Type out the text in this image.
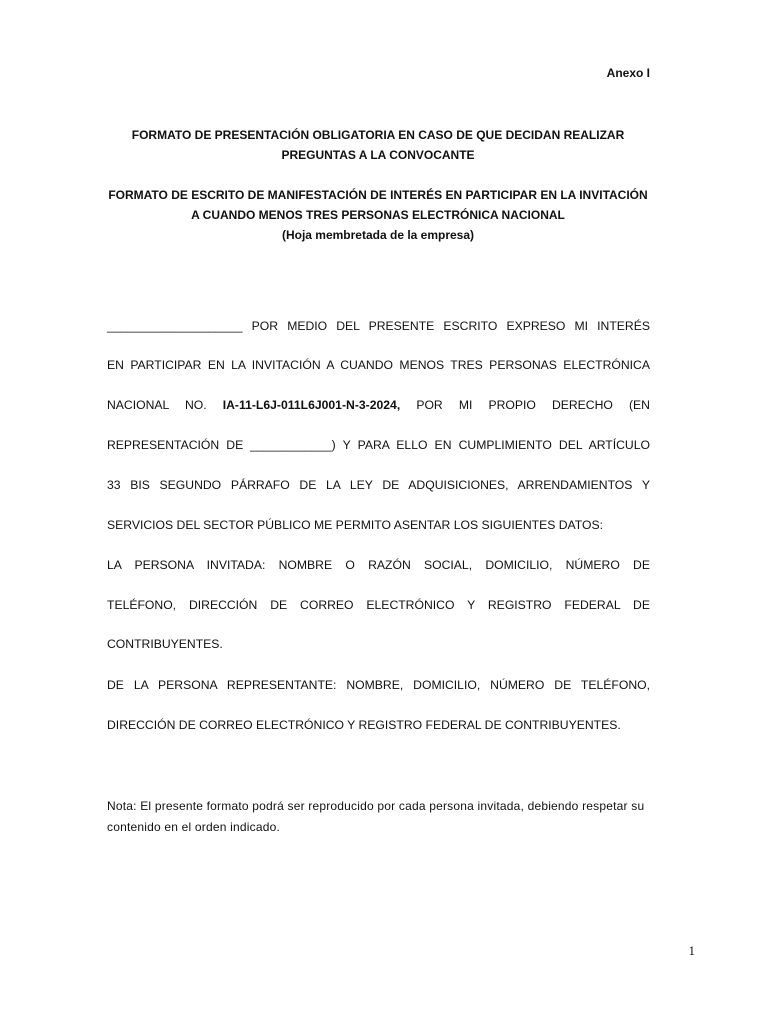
Anexo I
FORMATO DE PRESENTACIÓN OBLIGATORIA EN CASO DE QUE DECIDAN REALIZAR PREGUNTAS A LA CONVOCANTE
FORMATO DE ESCRITO DE MANIFESTACIÓN DE INTERÉS EN PARTICIPAR EN LA INVITACIÓN A CUANDO MENOS TRES PERSONAS ELECTRÓNICA NACIONAL
(Hoja membretada de la empresa)
____________________ POR MEDIO DEL PRESENTE ESCRITO EXPRESO MI INTERÉS
EN PARTICIPAR EN LA INVITACIÓN A CUANDO MENOS TRES PERSONAS ELECTRÓNICA
NACIONAL NO. IA-11-L6J-011L6J001-N-3-2024, POR MI PROPIO DERECHO (EN
REPRESENTACIÓN DE ____________) Y PARA ELLO EN CUMPLIMIENTO DEL ARTÍCULO
33 BIS SEGUNDO PÁRRAFO DE LA LEY DE ADQUISICIONES, ARRENDAMIENTOS Y
SERVICIOS DEL SECTOR PÚBLICO ME PERMITO ASENTAR LOS SIGUIENTES DATOS:
LA PERSONA INVITADA: NOMBRE O RAZÓN SOCIAL, DOMICILIO, NÚMERO DE
TELÉFONO, DIRECCIÓN DE CORREO ELECTRÓNICO Y REGISTRO FEDERAL DE
CONTRIBUYENTES.
DE LA PERSONA REPRESENTANTE: NOMBRE, DOMICILIO, NÚMERO DE TELÉFONO,
DIRECCIÓN DE CORREO ELECTRÓNICO Y REGISTRO FEDERAL DE CONTRIBUYENTES.
Nota: El presente formato podrá ser reproducido por cada persona invitada, debiendo respetar su contenido en el orden indicado.
1
